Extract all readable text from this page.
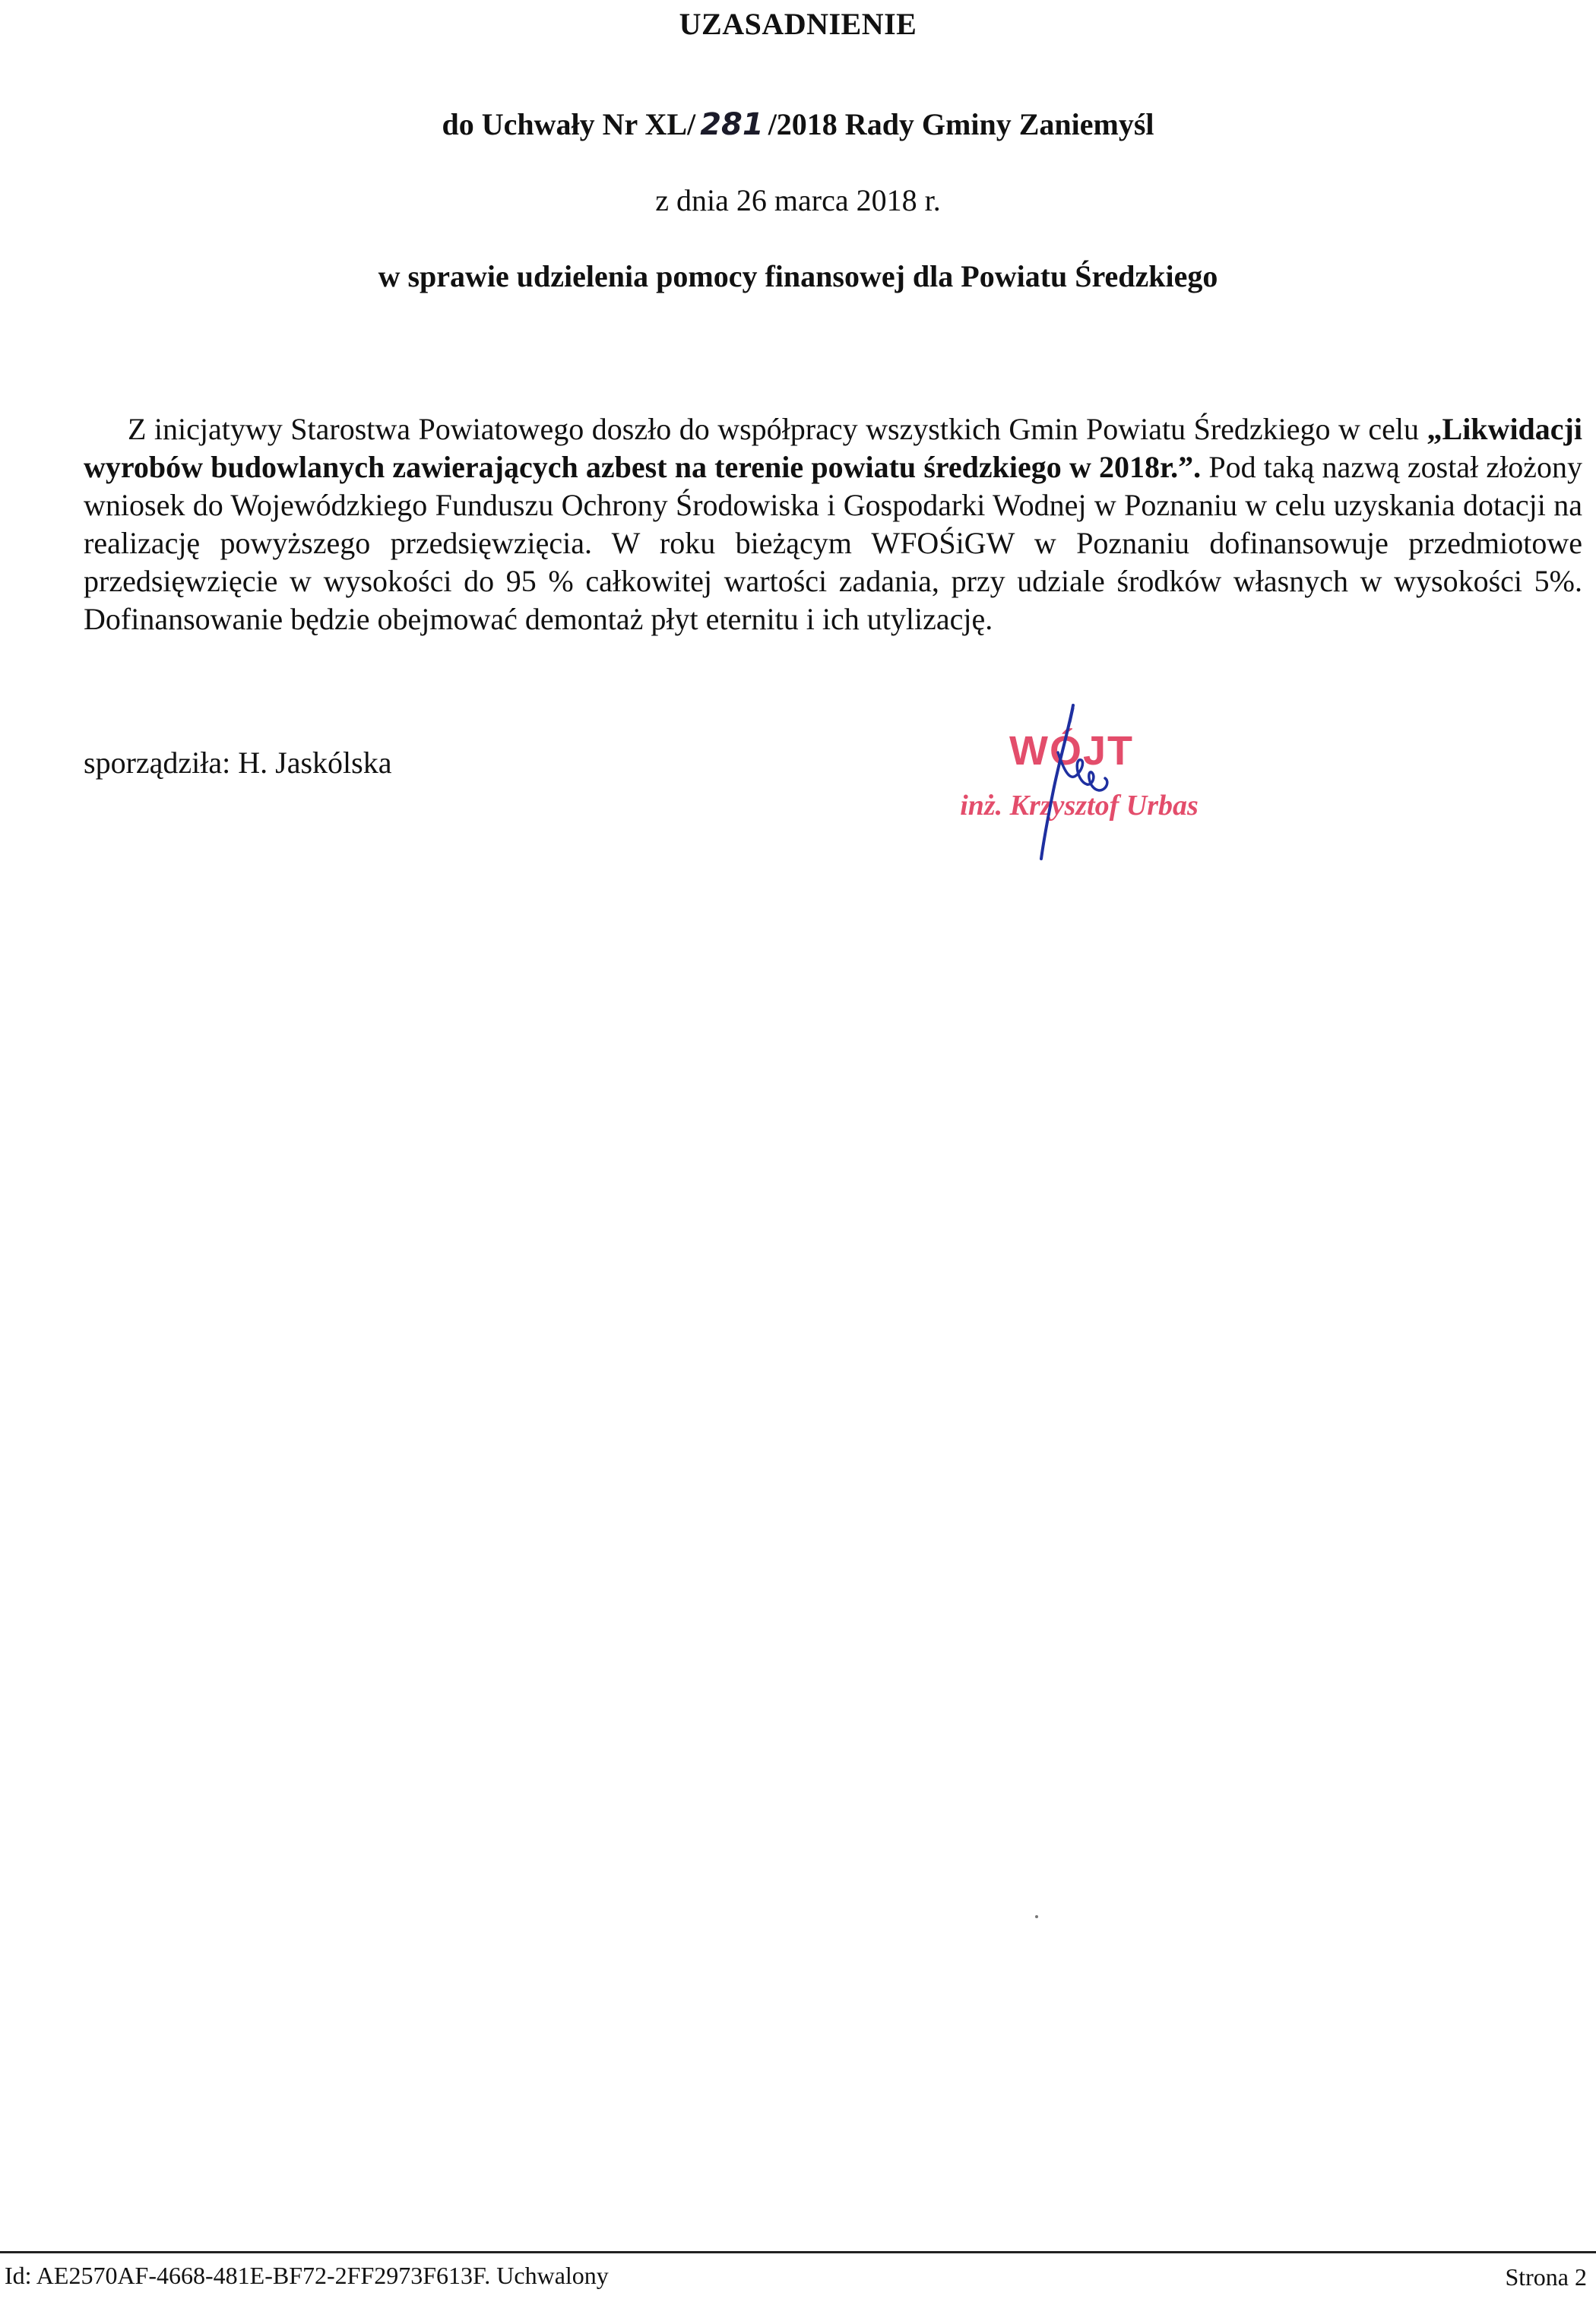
UZASADNIENIE
do Uchwały Nr XL/ 281 /2018 Rady Gminy Zaniemyśl
z dnia 26 marca 2018 r.
w sprawie udzielenia pomocy finansowej dla Powiatu Średzkiego

Z inicjatywy Starostwa Powiatowego doszło do współpracy wszystkich Gmin Powiatu Średzkiego w celu „Likwidacji wyrobów budowlanych zawierających azbest na terenie powiatu średzkiego w 2018r.”. Pod taką nazwą został złożony wniosek do Wojewódzkiego Funduszu Ochrony Środowiska i Gospodarki Wodnej w Poznaniu w celu uzyskania dotacji na realizację powyższego przedsięwzięcia. W roku bieżącym WFOŚiGW w Poznaniu dofinansowuje przedmiotowe przedsięwzięcie w wysokości do 95 % całkowitej wartości zadania, przy udziale środków własnych w wysokości 5%. Dofinansowanie będzie obejmować demontaż płyt eternitu i ich utylizację.

sporządziła: H. Jaskólska	WÓJT
inż. Krzysztof Urbas
Id: AE2570AF-4668-481E-BF72-2FF2973F613F. Uchwalony	Strona 2
